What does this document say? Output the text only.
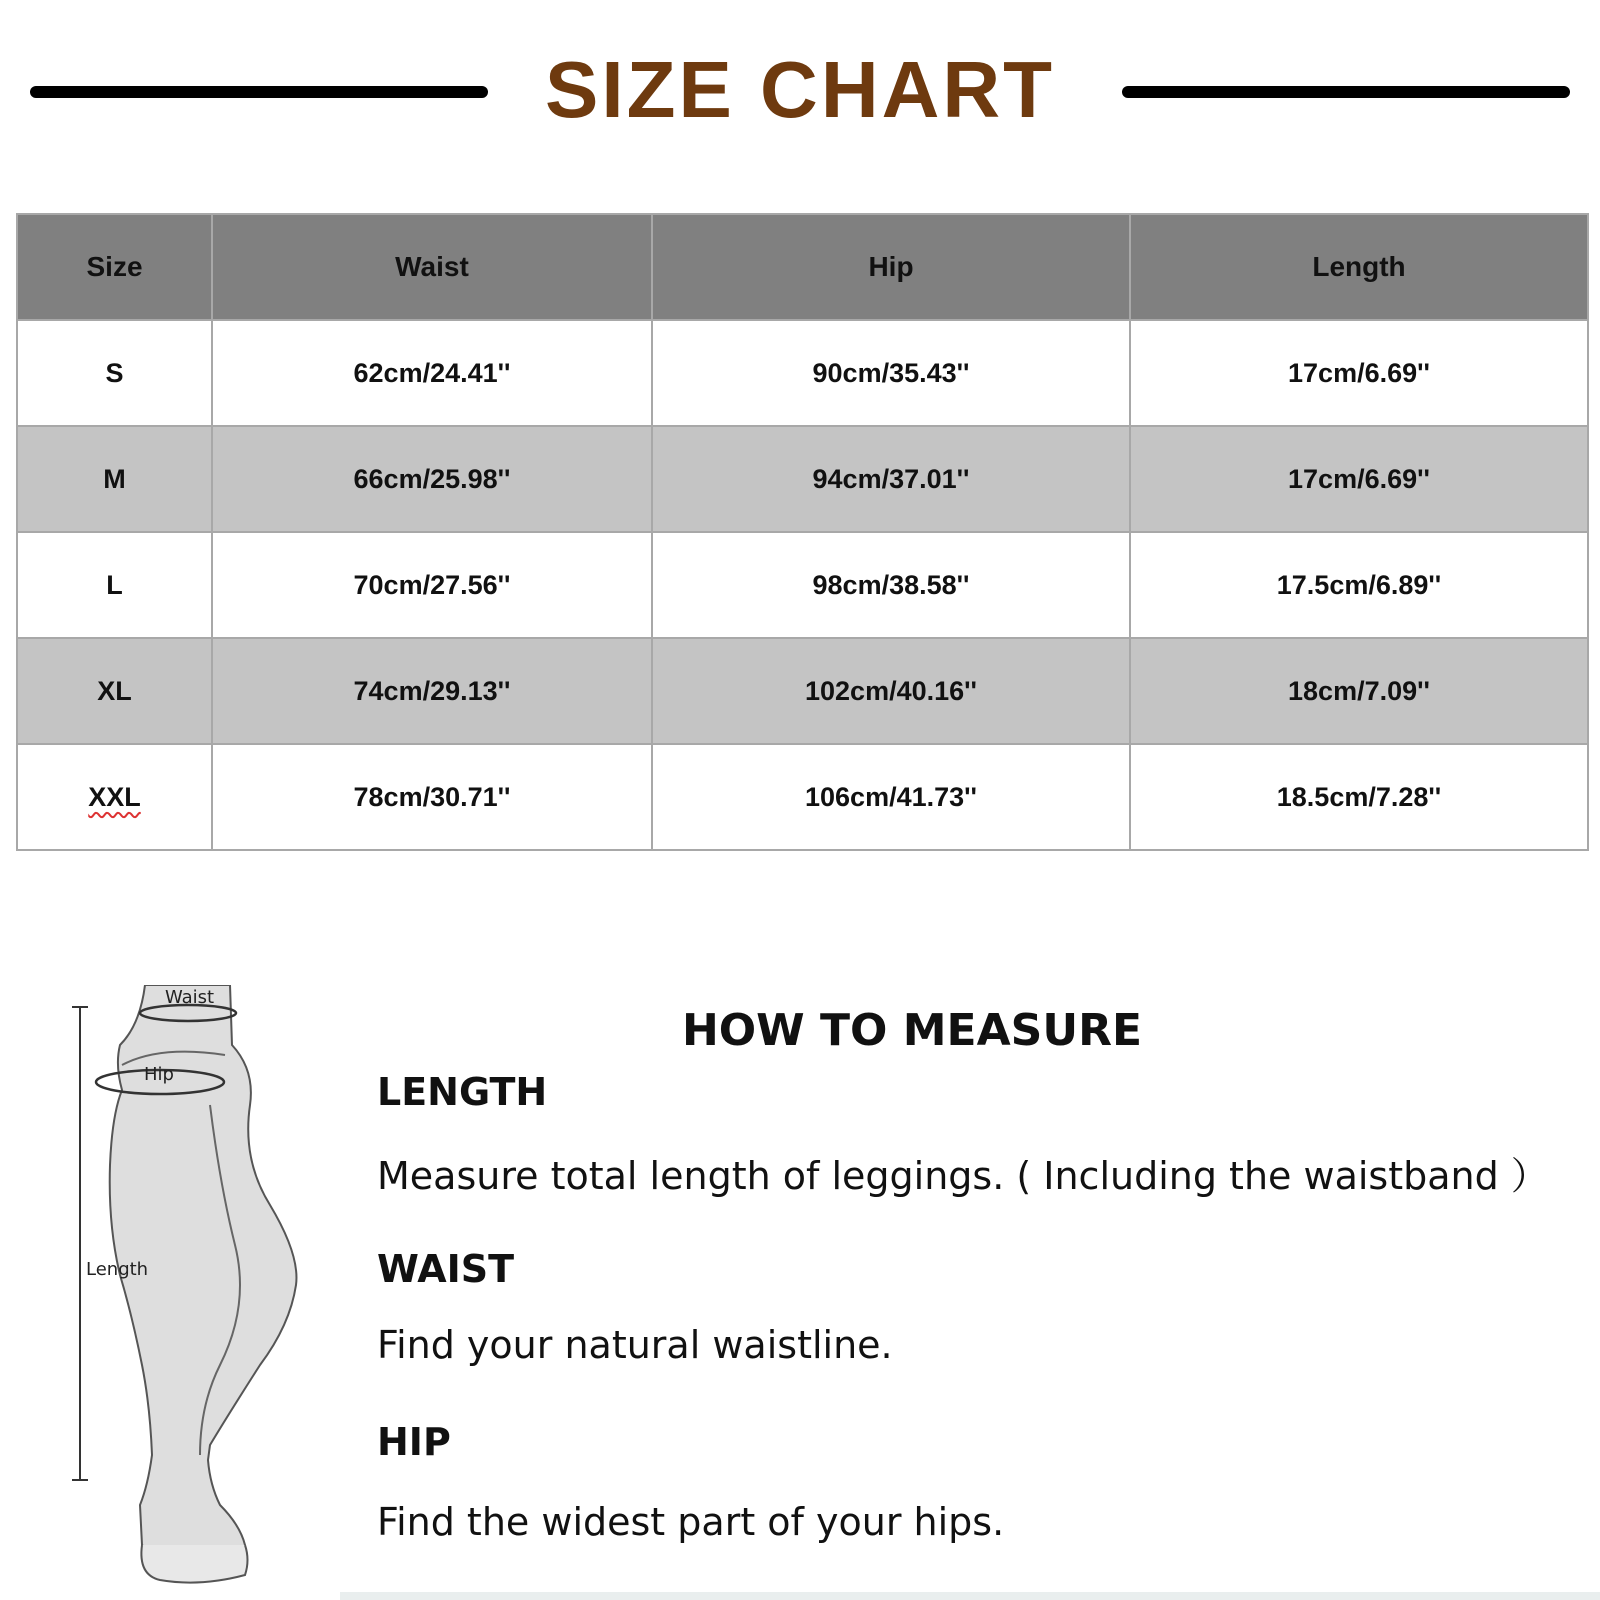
SIZE CHART
Size	Waist	Hip	Length
S	62cm/24.41''	90cm/35.43''	17cm/6.69''
M	66cm/25.98''	94cm/37.01''	17cm/6.69''
L	70cm/27.56''	98cm/38.58''	17.5cm/6.89''
XL	74cm/29.13''	102cm/40.16''	18cm/7.09''
XXL	78cm/30.71''	106cm/41.73''	18.5cm/7.28''
Waist
Hip
Length
HOW TO MEASURE
LENGTH
Measure total length of leggings. ( Including the waistband ）
WAIST
Find your natural waistline.
HIP
Find the widest part of your hips.
